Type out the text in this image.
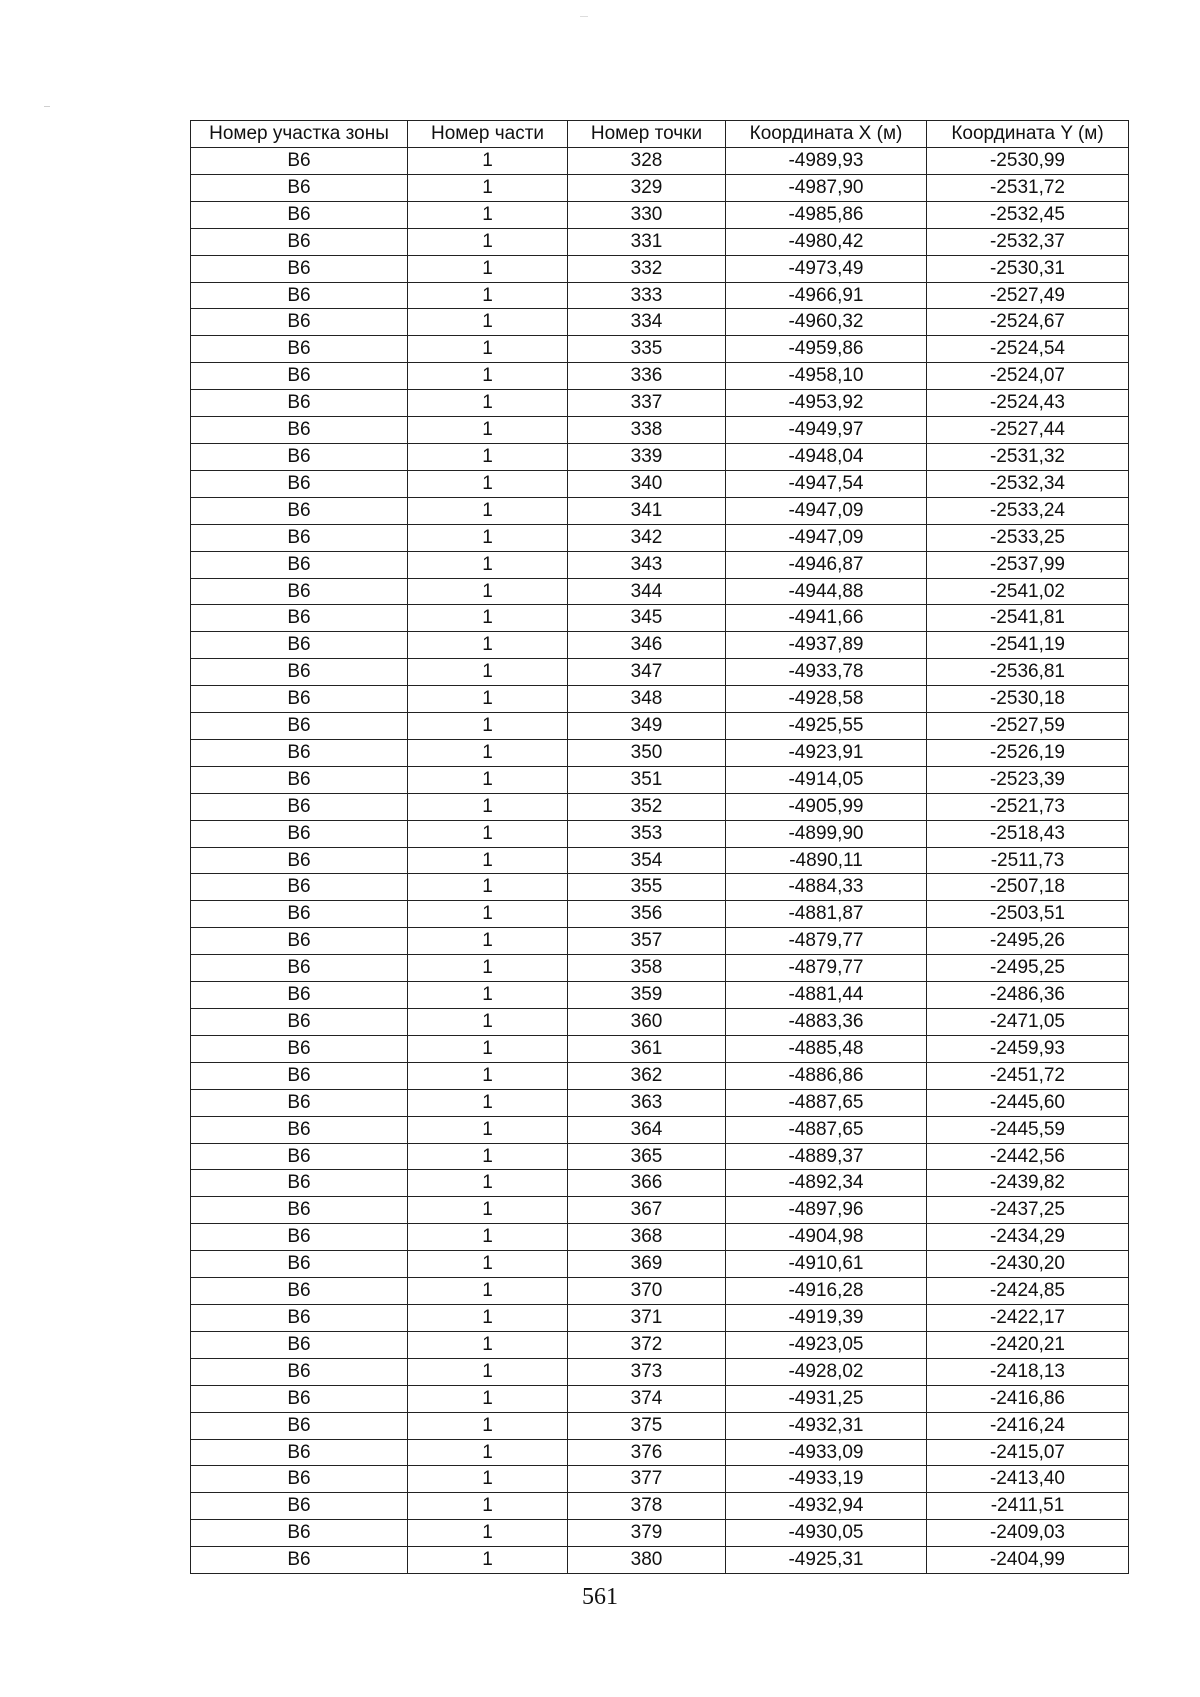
Номер участка зоны	Номер части	Номер точки	Координата X (м)	Координата Y (м)
В6	1	328	-4989,93	-2530,99
В6	1	329	-4987,90	-2531,72
В6	1	330	-4985,86	-2532,45
В6	1	331	-4980,42	-2532,37
В6	1	332	-4973,49	-2530,31
В6	1	333	-4966,91	-2527,49
В6	1	334	-4960,32	-2524,67
В6	1	335	-4959,86	-2524,54
В6	1	336	-4958,10	-2524,07
В6	1	337	-4953,92	-2524,43
В6	1	338	-4949,97	-2527,44
В6	1	339	-4948,04	-2531,32
В6	1	340	-4947,54	-2532,34
В6	1	341	-4947,09	-2533,24
В6	1	342	-4947,09	-2533,25
В6	1	343	-4946,87	-2537,99
В6	1	344	-4944,88	-2541,02
В6	1	345	-4941,66	-2541,81
В6	1	346	-4937,89	-2541,19
В6	1	347	-4933,78	-2536,81
В6	1	348	-4928,58	-2530,18
В6	1	349	-4925,55	-2527,59
В6	1	350	-4923,91	-2526,19
В6	1	351	-4914,05	-2523,39
В6	1	352	-4905,99	-2521,73
В6	1	353	-4899,90	-2518,43
В6	1	354	-4890,11	-2511,73
В6	1	355	-4884,33	-2507,18
В6	1	356	-4881,87	-2503,51
В6	1	357	-4879,77	-2495,26
В6	1	358	-4879,77	-2495,25
В6	1	359	-4881,44	-2486,36
В6	1	360	-4883,36	-2471,05
В6	1	361	-4885,48	-2459,93
В6	1	362	-4886,86	-2451,72
В6	1	363	-4887,65	-2445,60
В6	1	364	-4887,65	-2445,59
В6	1	365	-4889,37	-2442,56
В6	1	366	-4892,34	-2439,82
В6	1	367	-4897,96	-2437,25
В6	1	368	-4904,98	-2434,29
В6	1	369	-4910,61	-2430,20
В6	1	370	-4916,28	-2424,85
В6	1	371	-4919,39	-2422,17
В6	1	372	-4923,05	-2420,21
В6	1	373	-4928,02	-2418,13
В6	1	374	-4931,25	-2416,86
В6	1	375	-4932,31	-2416,24
В6	1	376	-4933,09	-2415,07
В6	1	377	-4933,19	-2413,40
В6	1	378	-4932,94	-2411,51
В6	1	379	-4930,05	-2409,03
В6	1	380	-4925,31	-2404,99
561
